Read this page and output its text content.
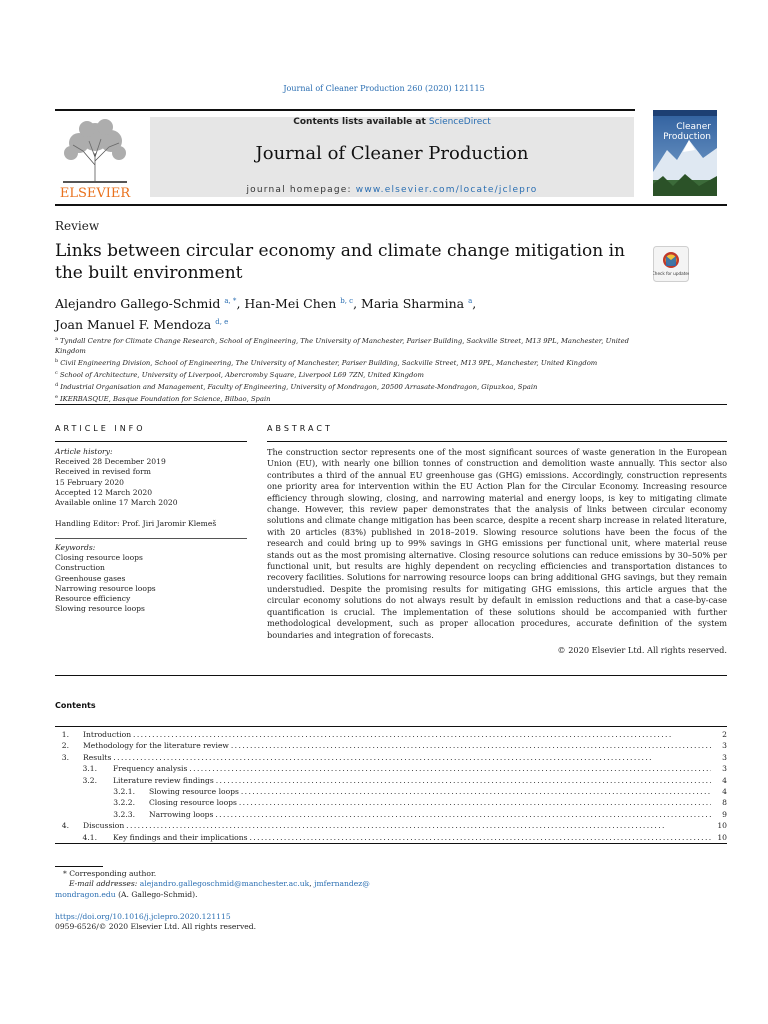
Journal of Cleaner Production 260 (2020) 121115
ELSEVIER
Contents lists available at ScienceDirect
Journal of Cleaner Production
journal homepage: www.elsevier.com/locate/jclepro
Cleaner
Production
Review
Links between circular economy and climate change mitigation in the built environment	Check for updates
Alejandro Gallego-Schmid $^{a, *}$, Han-Mei Chen $^{b, c}$, Maria Sharmina $^a$,
Joan Manuel F. Mendoza $^{d, e}$
$^a$ Tyndall Centre for Climate Change Research, School of Engineering, The University of Manchester, Pariser Building, Sackville Street, M13 9PL, Manchester, United Kingdom
$^b$ Civil Engineering Division, School of Engineering, The University of Manchester, Pariser Building, Sackville Street, M13 9PL, Manchester, United Kingdom
$^c$ School of Architecture, University of Liverpool, Abercromby Square, Liverpool L69 7ZN, United Kingdom
$^d$ Industrial Organisation and Management, Faculty of Engineering, University of Mondragon, 20500 Arrasate-Mondragon, Gipuzkoa, Spain
$^e$ IKERBASQUE, Basque Foundation for Science, Bilbao, Spain
ARTICLE INFO
Article history:
Received 28 December 2019
Received in revised form
15 February 2020
Accepted 12 March 2020
Available online 17 March 2020
Handling Editor: Prof. Jiri Jaromir Klemeš
Keywords:
Closing resource loops
Construction
Greenhouse gases
Narrowing resource loops
Resource efficiency
Slowing resource loops
ABSTRACT
The construction sector represents one of the most significant sources of waste generation in the European Union (EU), with nearly one billion tonnes of construction and demolition waste annually. This sector also contributes a third of the annual EU greenhouse gas (GHG) emissions. Accordingly, construction represents one priority area for intervention within the EU Action Plan for the Circular Economy. Increasing resource efficiency through slowing, closing, and narrowing material and energy loops, is key to mitigating climate change. However, this review paper demonstrates that the analysis of links between circular economy solutions and climate change mitigation has been scarce, despite a recent sharp increase in related literature, with 20 articles (83%) published in 2018–2019. Slowing resource solutions have been the focus of the research and could bring up to 99% savings in GHG emissions per functional unit, where material reuse stands out as the most promising alternative. Closing resource solutions can reduce emissions by 30–50% per functional unit, but results are highly dependent on recycling efficiencies and transportation distances to recovery facilities. Solutions for narrowing resource loops can bring additional GHG savings, but they remain understudied. Despite the promising results for mitigating GHG emissions, this article argues that the circular economy solutions do not always result by default in emission reductions and that a case-by-case quantification is crucial. The implementation of these solutions should be accompanied with further methodological development, such as proper allocation procedures, accurate definition of the system boundaries and integration of forecasts.
© 2020 Elsevier Ltd. All rights reserved.
Contents
1. Introduction . . .	2
2. Methodology for the literature review . . .	3
3. Results . . .	3
3.1. Frequency analysis . . .	3
3.2. Literature review findings . . .	4
3.2.1. Slowing resource loops . . .	4
3.2.2. Closing resource loops . . .	8
3.2.3. Narrowing loops . . .	9
4. Discussion . . .	10
4.1. Key findings and their implications . . .	10
* Corresponding author.
E-mail addresses: alejandro.gallegoschmid@manchester.ac.uk, jmfernandez@
mondragon.edu (A. Gallego-Schmid).
https://doi.org/10.1016/j.jclepro.2020.121115
0959-6526/© 2020 Elsevier Ltd. All rights reserved.
